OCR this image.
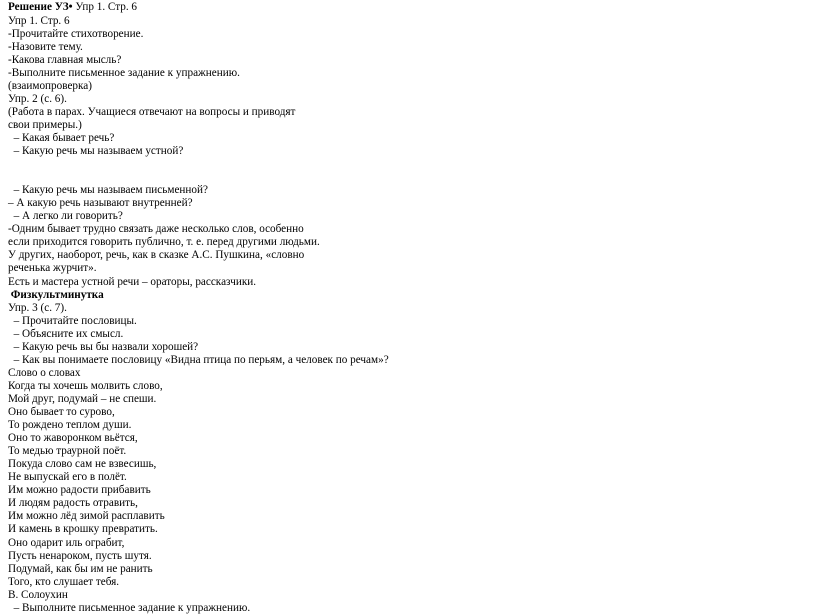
Решение УЗ• Упр 1. Стр. 6
Упр 1. Стр. 6
-Прочитайте стихотворение.
-Назовите тему.
-Какова главная мысль?
-Выполните письменное задание к упражнению.
(взаимопроверка)
Упр. 2 (с. 6).
(Работа в парах. Учащиеся отвечают на вопросы и приводят
свои примеры.)
– Какая бывает речь?
– Какую речь мы называем устной?
– Какую речь мы называем письменной?
– А какую речь называют внутренней?
– А легко ли говорить?
-Одним бывает трудно связать даже несколько слов, особенно
если приходится говорить публично, т. е. перед другими людьми.
У других, наоборот, речь, как в сказке А.С. Пушкина, «словно
реченька журчит».
Есть и мастера устной речи – ораторы, рассказчики.
Физкультминутка
Упр. 3 (с. 7).
– Прочитайте пословицы.
– Объясните их смысл.
– Какую речь вы бы назвали хорошей?
– Как вы понимаете пословицу «Видна птица по перьям, а человек по речам»?
Слово о словах
Когда ты хочешь молвить слово,
Мой друг, подумай – не спеши.
Оно бывает то сурово,
То рождено теплом души.
Оно то жаворонком вьётся,
То медью траурной поёт.
Покуда слово сам не взвесишь,
Не выпускай его в полёт.
Им можно радости прибавить
И людям радость отравить,
Им можно лёд зимой расплавить
И камень в крошку превратить.
Оно одарит иль ограбит,
Пусть ненароком, пусть шутя.
Подумай, как бы им не ранить
Того, кто слушает тебя.
В. Солоухин
– Выполните письменное задание к упражнению.
